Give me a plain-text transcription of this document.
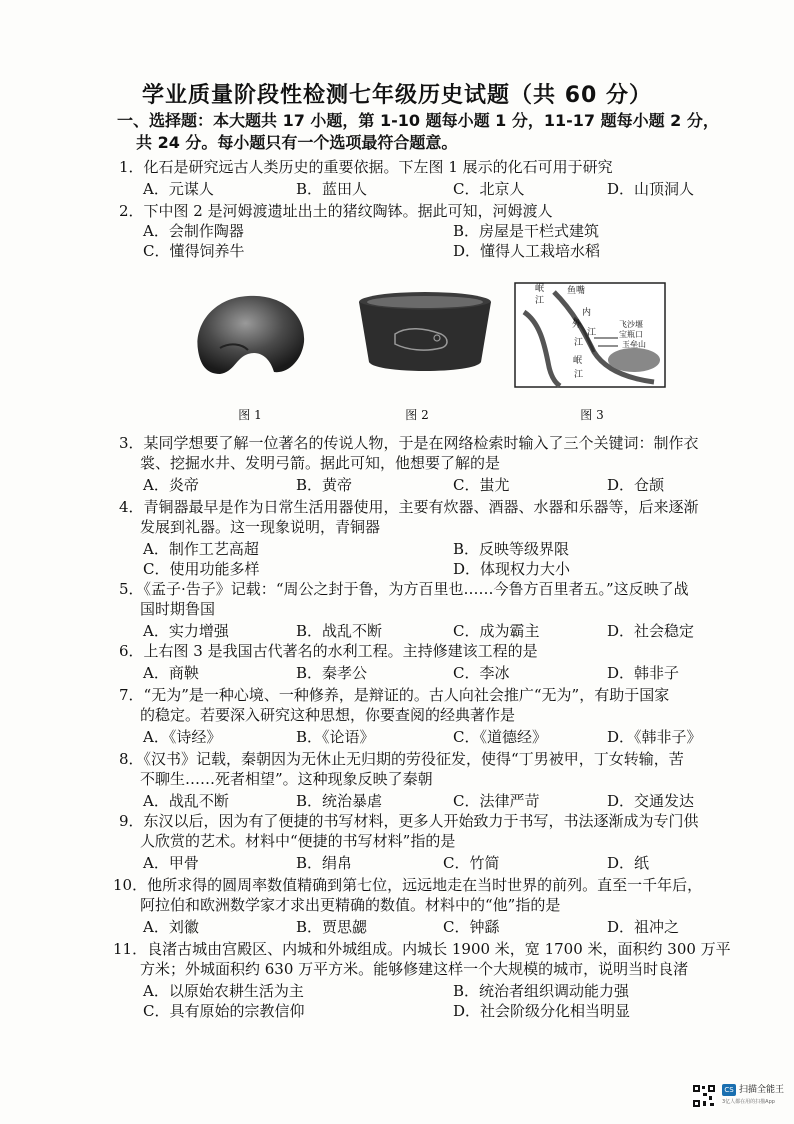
学业质量阶段性检测七年级历史试题（共 60 分）
一、选择题：本大题共 17 小题，第 1-10 题每小题 1 分，11-17 题每小题 2 分，
共 24 分。每小题只有一个选项最符合题意。
1．化石是研究远古人类历史的重要依据。下左图 1 展示的化石可用于研究
A．元谋人	B．蓝田人	C．北京人	D．山顶洞人
2．下中图 2 是河姆渡遗址出土的猪纹陶钵。据此可知，河姆渡人
A．会制作陶器	B．房屋是干栏式建筑
C．懂得饲养牛	D．懂得人工栽培水稻
图 1	图 2
岷
江
鱼嘴
内
江
外
江
岷
江
飞沙堰
宝瓶口
玉垒山
图 3
3．某同学想要了解一位著名的传说人物，于是在网络检索时输入了三个关键词：制作衣
裳、挖掘水井、发明弓箭。据此可知，他想要了解的是
A．炎帝	B．黄帝	C．蚩尤	D．仓颉
4．青铜器最早是作为日常生活用器使用，主要有炊器、酒器、水器和乐器等，后来逐渐
发展到礼器。这一现象说明，青铜器
A．制作工艺高超	B．反映等级界限
C．使用功能多样	D．体现权力大小
5．《孟子·告子》记载：“周公之封于鲁，为方百里也……今鲁方百里者五。”这反映了战
国时期鲁国
A．实力增强	B．战乱不断	C．成为霸主	D．社会稳定
6．上右图 3 是我国古代著名的水利工程。主持修建该工程的是
A．商鞅	B．秦孝公	C．李冰	D．韩非子
7．“无为”是一种心境、一种修养，是辩证的。古人向社会推广“无为”，有助于国家
的稳定。若要深入研究这种思想，你要查阅的经典著作是
A．《诗经》	B．《论语》	C．《道德经》	D．《韩非子》
8．《汉书》记载，秦朝因为无休止无归期的劳役征发，使得“丁男被甲，丁女转输，苦
不聊生……死者相望”。这种现象反映了秦朝
A．战乱不断	B．统治暴虐	C．法律严苛	D．交通发达
9．东汉以后，因为有了便捷的书写材料，更多人开始致力于书写，书法逐渐成为专门供
人欣赏的艺术。材料中“便捷的书写材料”指的是
A．甲骨	B．绢帛	C．竹简	D．纸
10．他所求得的圆周率数值精确到第七位，远远地走在当时世界的前列。直至一千年后，
阿拉伯和欧洲数学家才求出更精确的数值。材料中的“他”指的是
A．刘徽	B．贾思勰	C．钟繇	D．祖冲之
11．良渚古城由宫殿区、内城和外城组成。内城长 1900 米，宽 1700 米，面积约 300 万平
方米；外城面积约 630 万平方米。能够修建这样一个大规模的城市，说明当时良渚
A．以原始农耕生活为主	B．统治者组织调动能力强
C．具有原始的宗教信仰	D．社会阶级分化相当明显
CS 扫描全能王
3亿人都在用的扫描App
